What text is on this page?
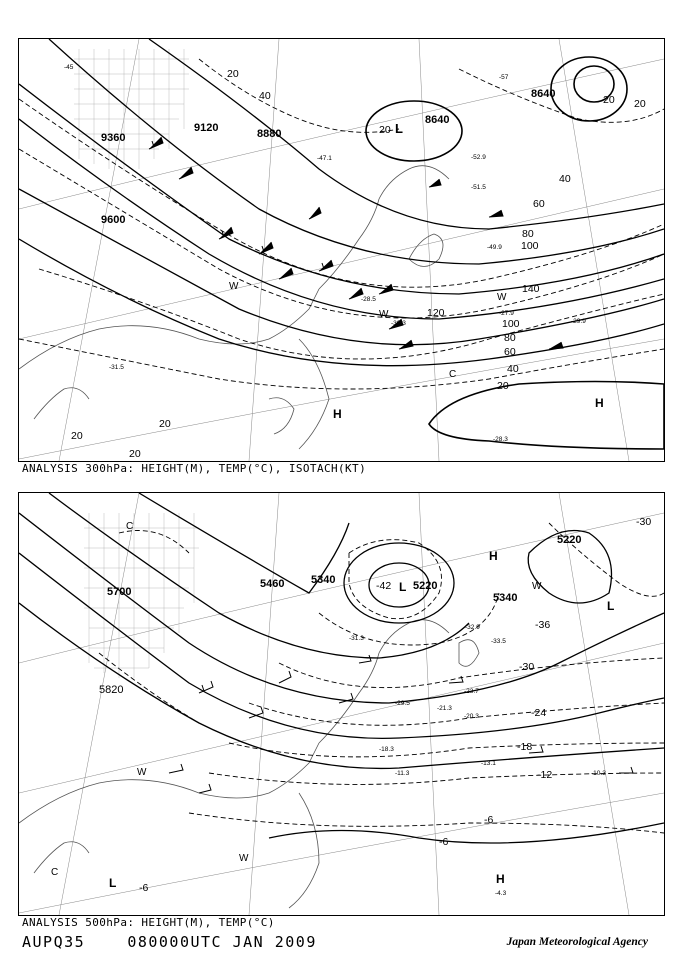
9120
9360	8880
8640
9600
8640
20
40
20
40
60
80
100
140
120
100
80
60
40
20
20
20
20
20
20
L
H
H
C
W
W
W
-52.9
-51.5
-49.9
-27.9
-28.3
-28.5
-30.3
-47.1
-31.5
-29.9
-57
-45
ANALYSIS 300hPa: HEIGHT(M), TEMP(°C), ISOTACH(KT)
5700
5460 5340	5220
5340
5220
5820
-42
-36
-30
-24
-18
-12
-6
-6
-6
-30
L
H
L
H
L
C
C
W
W
W
-31.3
-29.5
-23.7
-20.3
-18.3
-13.1
-10.3
-11.3
-21.3
-4.3
-33.5
-32.9
ANALYSIS 500hPa: HEIGHT(M), TEMP(°C)
AUPQ35	080000UTC JAN 2009	Japan Meteorological Agency
